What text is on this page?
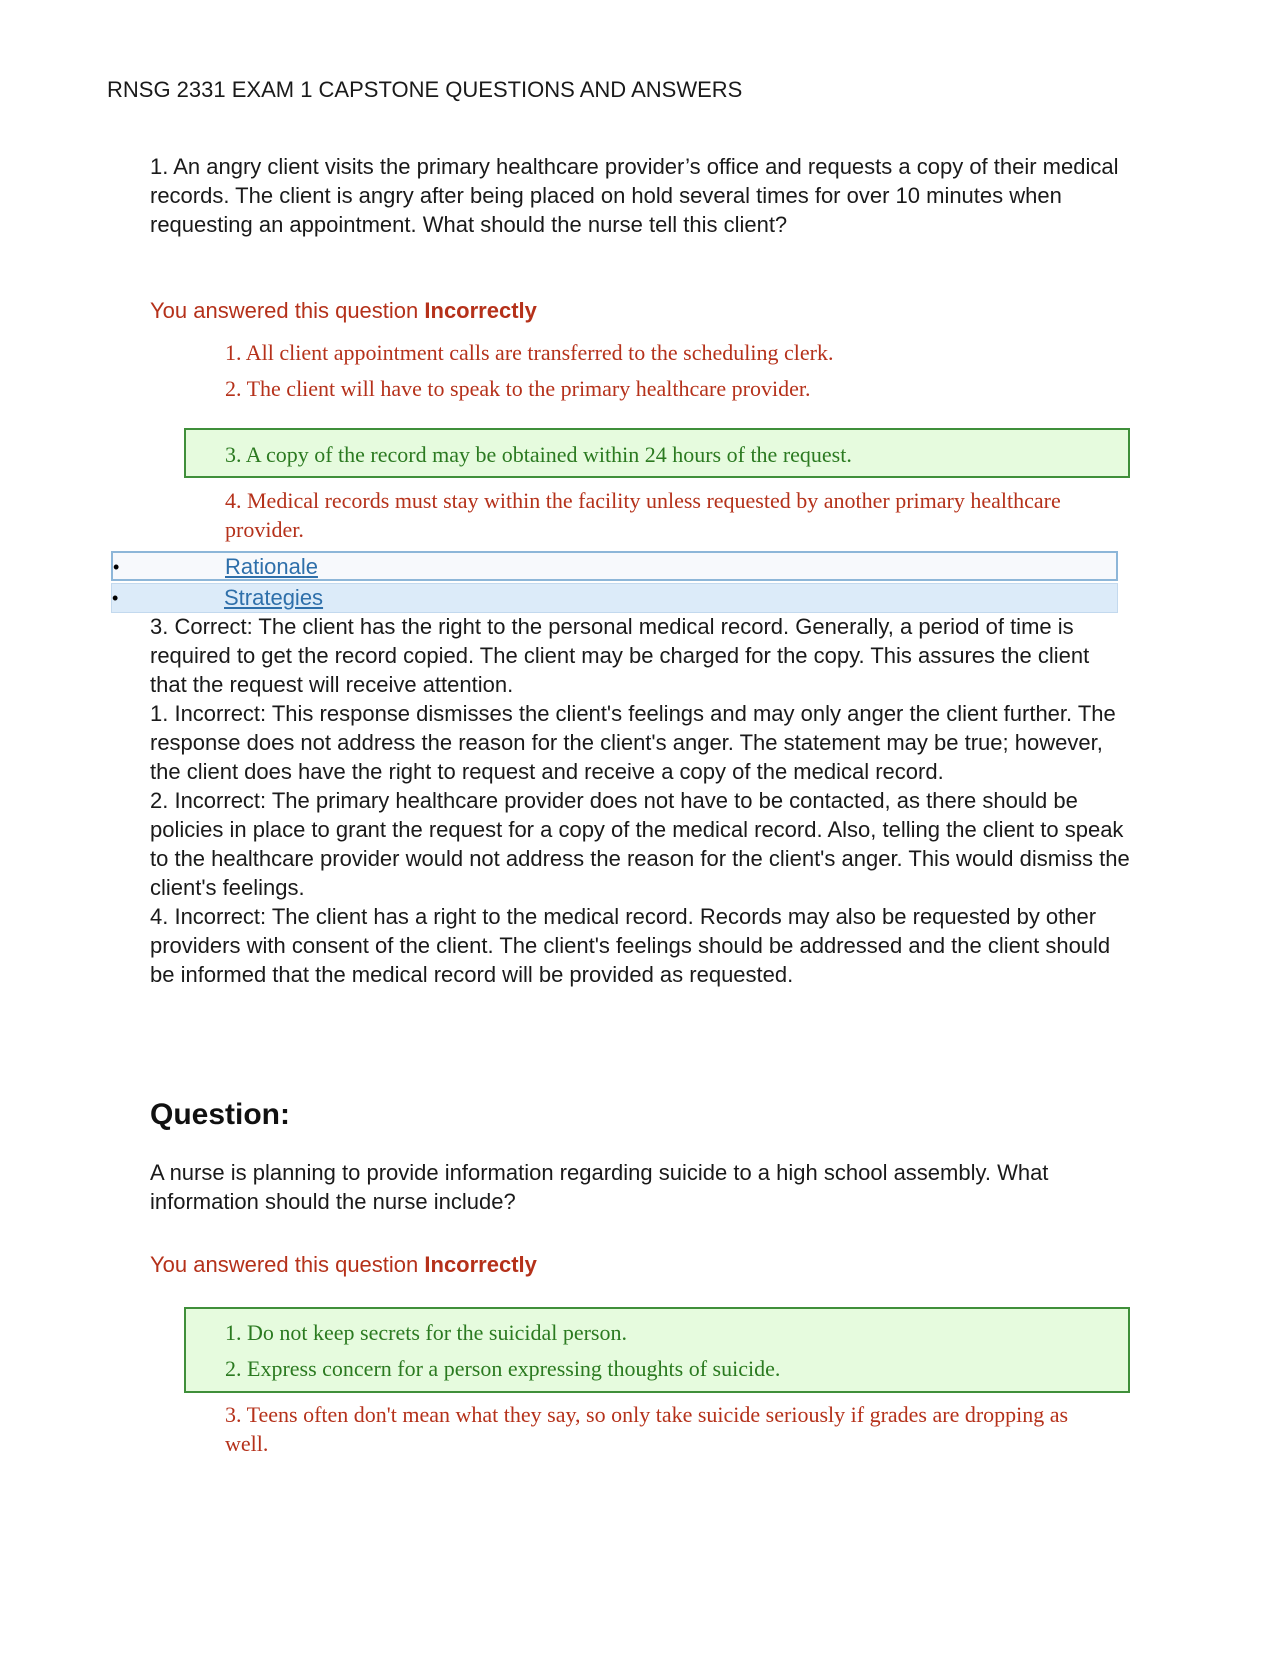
RNSG 2331 EXAM 1 CAPSTONE QUESTIONS AND ANSWERS
1. An angry client visits the primary healthcare provider’s office and requests a copy of their medical records. The client is angry after being placed on hold several times for over 10 minutes when requesting an appointment. What should the nurse tell this client?
You answered this question Incorrectly
1. All client appointment calls are transferred to the scheduling clerk.
2. The client will have to speak to the primary healthcare provider.
3. A copy of the record may be obtained within 24 hours of the request.
4. Medical records must stay within the facility unless requested by another primary healthcare provider.
•	Rationale
•	Strategies

3. Correct: The client has the right to the personal medical record. Generally, a period of time is required to get the record copied. The client may be charged for the copy. This assures the client that the request will receive attention.

1. Incorrect: This response dismisses the client's feelings and may only anger the client further. The response does not address the reason for the client's anger. The statement may be true; however, the client does have the right to request and receive a copy of the medical record.

2. Incorrect: The primary healthcare provider does not have to be contacted, as there should be policies in place to grant the request for a copy of the medical record. Also, telling the client to speak to the healthcare provider would not address the reason for the client's anger. This would dismiss the client's feelings.

4. Incorrect: The client has a right to the medical record. Records may also be requested by other providers with consent of the client. The client's feelings should be addressed and the client should be informed that the medical record will be provided as requested.

Question:
A nurse is planning to provide information regarding suicide to a high school assembly. What information should the nurse include?
You answered this question Incorrectly
1. Do not keep secrets for the suicidal person.
2. Express concern for a person expressing thoughts of suicide.
3. Teens often don't mean what they say, so only take suicide seriously if grades are dropping as well.
